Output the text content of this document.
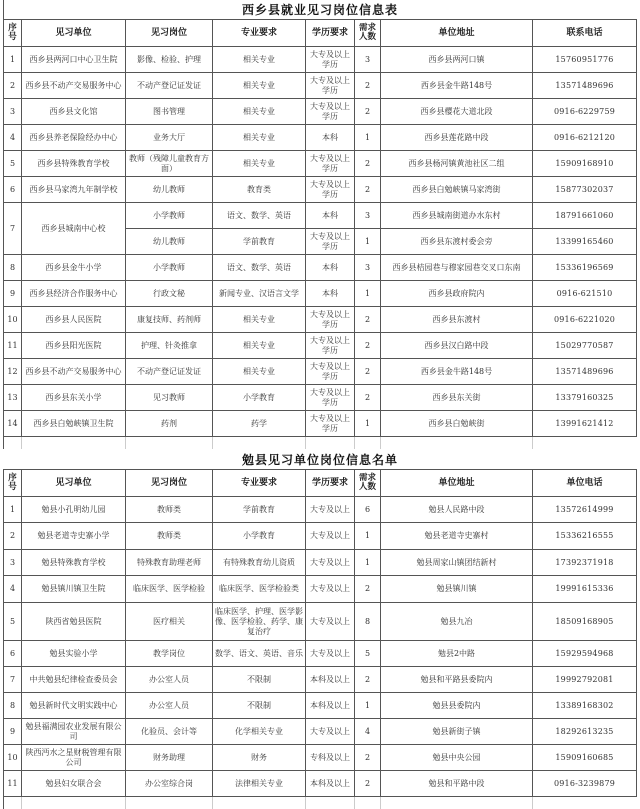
西乡县就业见习岗位信息表
序号	见习单位	见习岗位	专业要求	学历要求	需求人数	单位地址	联系电话
1	西乡县两河口中心卫生院	影像、检验、护理	相关专业	大专及以上学历	3	西乡县两河口镇	15760951776
2	西乡县不动产交易服务中心	不动产登记证发证	相关专业	大专及以上学历	2	西乡县金牛路148号	13571489696
3	西乡县文化馆	图书管理	相关专业	大专及以上学历	2	西乡县樱花大道北段	0916-6229759
4	西乡县养老保险经办中心	业务大厅	相关专业	本科	1	西乡县莲花路中段	0916-6212120
5	西乡县特殊教育学校	教师（残障儿童教育方面）	相关专业	大专及以上学历	2	西乡县杨河镇黄池社区二组	15909168910
6	西乡县马家湾九年制学校	幼儿教师	教育类	大专及以上学历	2	西乡县白勉峡镇马家湾街	15877302037
7	西乡县城南中心校	小学教师	语文、数学、英语	本科	3	西乡县城南街道办水东村	18791661060
		幼儿教师	学前教育	大专及以上学历	1	西乡县东渡村委会旁	13399165460
8	西乡县金牛小学	小学教师	语文、数学、英语	本科	3	西乡县桔园巷与穆家园巷交叉口东南	15336196569
9	西乡县经济合作服务中心	行政文秘	新闻专业、汉语言文学	本科	1	西乡县政府院内	0916-621510
10	西乡县人民医院	康复技师、药剂师	相关专业	大专及以上学历	2	西乡县东渡村	0916-6221020
11	西乡县阳光医院	护理、针灸推拿	相关专业	大专及以上学历	2	西乡县汉白路中段	15029770587
12	西乡县不动产交易服务中心	不动产登记证发证	相关专业	大专及以上学历	2	西乡县金牛路148号	13571489696
13	西乡县东关小学	见习教师	小学教育	大专及以上学历	2	西乡县东关街	13379160325
14	西乡县白勉峡镇卫生院	药剂	药学	大专及以上学历	1	西乡县白勉峡街	13991621412
勉县见习单位岗位信息名单
序号	见习单位	见习岗位	专业要求	学历要求	需求人数	单位地址	单位电话
1	勉县小孔明幼儿园	教师类	学前教育	大专及以上	6	勉县人民路中段	13572614999
2	勉县老道寺史寨小学	教师类	小学教育	大专及以上	1	勉县老道寺史寨村	15336216555
3	勉县特殊教育学校	特殊教育助理老师	有特殊教育幼儿资质	大专及以上	1	勉县周家山镇团结新村	17392371918
4	勉县镇川镇卫生院	临床医学、医学检验	临床医学、医学检验类	大专及以上	2	勉县镇川镇	19991615336
5	陕西省勉县医院	医疗相关	临床医学、护理、医学影像、医学检验、药学、康复治疗	大专及以上	8	勉县九冶	18509168905
6	勉县实验小学	教学岗位	数学、语文、英语、音乐	大专及以上	5	勉县2中路	15929594968
7	中共勉县纪律检查委员会	办公室人员	不限制	本科及以上	2	勉县和平路县委院内	19992792081
8	勉县新时代文明实践中心	办公室人员	不限制	本科及以上	1	勉县县委院内	13389168302
9	勉县福满园农业发展有限公司	化验员、会计等	化学相关专业	大专及以上	4	勉县新街子镇	18292613235
10	陕西沔水之星财税管理有限公司	财务助理	财务	专科及以上	2	勉县中央公园	15909160685
11	勉县妇女联合会	办公室综合岗	法律相关专业	本科及以上	2	勉县和平路中段	0916-3239879
